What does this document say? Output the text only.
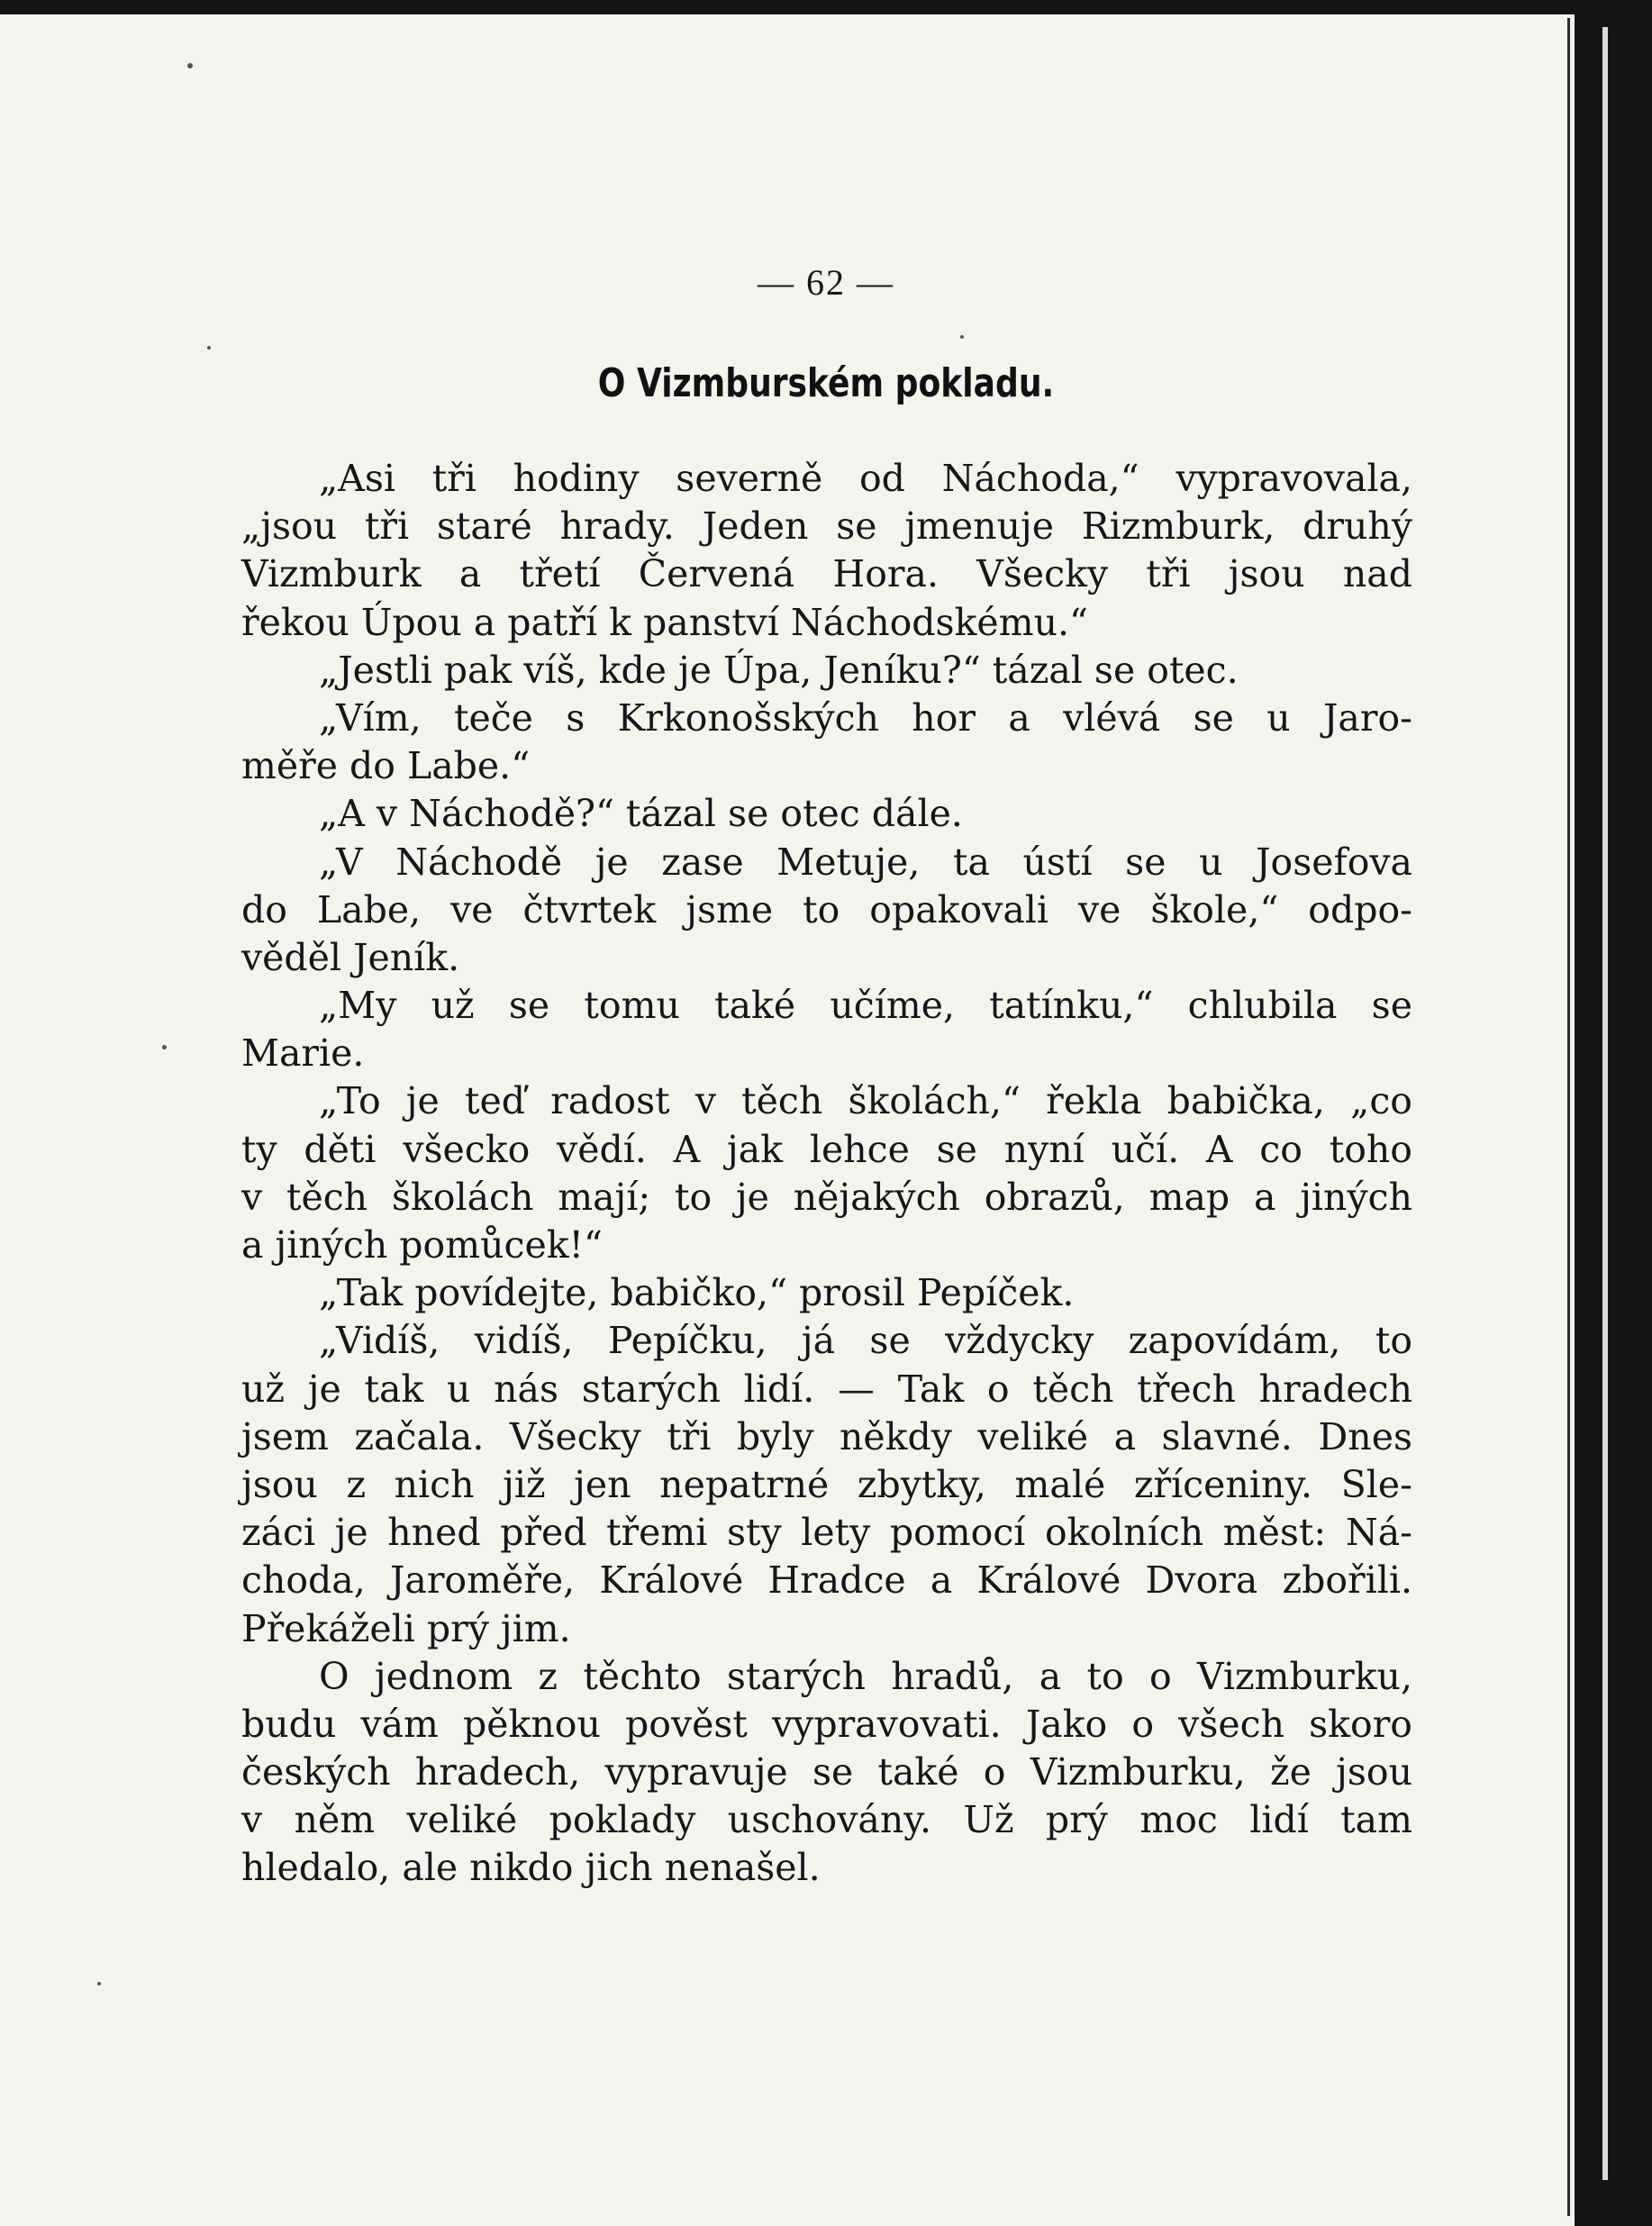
— 62 —
O Vizmburském pokladu.
„Asi tři hodiny severně od Náchoda,“ vypravovala,
„jsou tři staré hrady. Jeden se jmenuje Rizmburk, druhý
Vizmburk a třetí Červená Hora. Všecky tři jsou nad
řekou Úpou a patří k panství Náchodskému.“
„Jestli pak víš, kde je Úpa, Jeníku?“ tázal se otec.
„Vím, teče s Krkonošských hor a vlévá se u Jaro-
měře do Labe.“
„A v Náchodě?“ tázal se otec dále.
„V Náchodě je zase Metuje, ta ústí se u Josefova
do Labe, ve čtvrtek jsme to opakovali ve škole,“ odpo-
věděl Jeník.
„My už se tomu také učíme, tatínku,“ chlubila se
Marie.
„To je teď radost v těch školách,“ řekla babička, „co
ty děti všecko vědí. A jak lehce se nyní učí. A co toho
v těch školách mají; to je nějakých obrazů, map a jiných
a jiných pomůcek!“
„Tak povídejte, babičko,“ prosil Pepíček.
„Vidíš, vidíš, Pepíčku, já se vždycky zapovídám, to
už je tak u nás starých lidí. — Tak o těch třech hradech
jsem začala. Všecky tři byly někdy veliké a slavné. Dnes
jsou z nich již jen nepatrné zbytky, malé zříceniny. Sle-
záci je hned před třemi sty lety pomocí okolních měst: Ná-
choda, Jaroměře, Králové Hradce a Králové Dvora zbořili.
Překáželi prý jim.
O jednom z těchto starých hradů, a to o Vizmburku,
budu vám pěknou pověst vypravovati. Jako o všech skoro
českých hradech, vypravuje se také o Vizmburku, že jsou
v něm veliké poklady uschovány. Už prý moc lidí tam
hledalo, ale nikdo jich nenašel.
